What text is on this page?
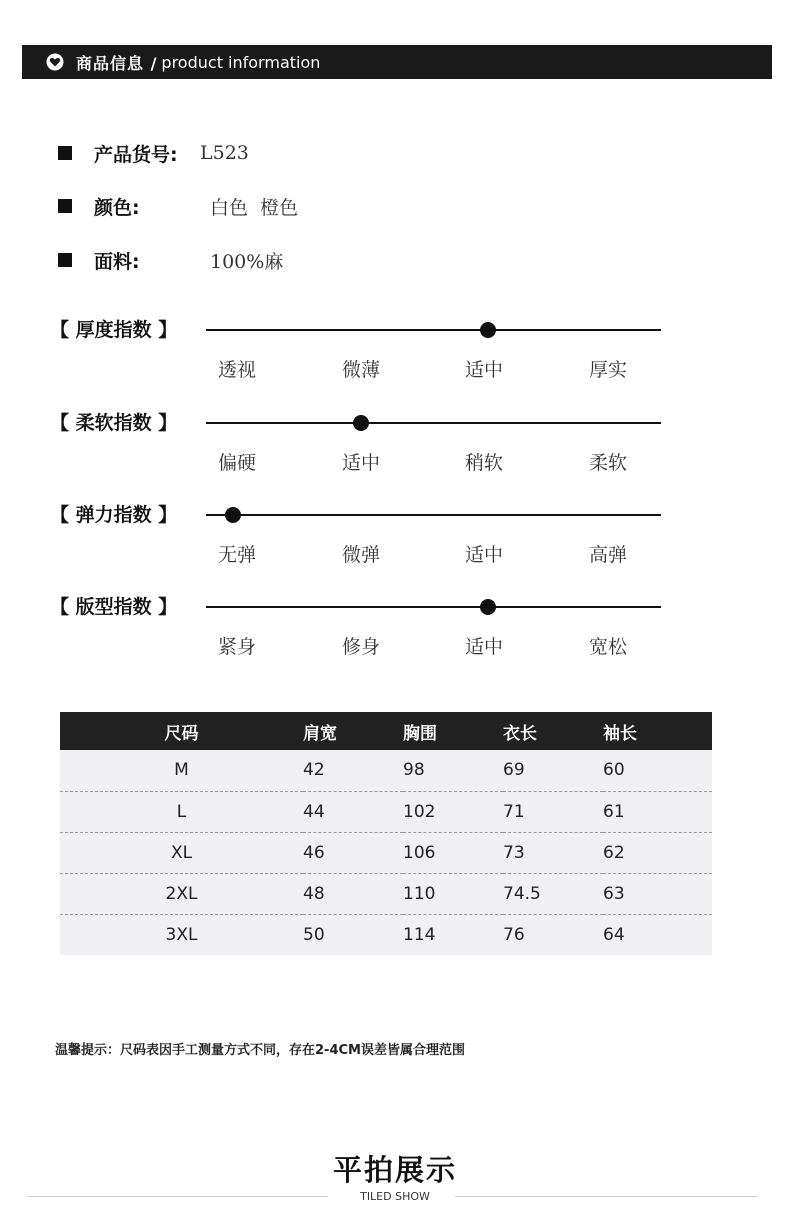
商品信息 / product information
产品货号:	L523
颜色:	白色  橙色
面料:	100%麻
【 厚度指数 】
透视	微薄	适中	厚实
【 柔软指数 】
偏硬	适中	稍软	柔软
【 弹力指数 】
无弹	微弹	适中	高弹
【 版型指数 】
紧身	修身	适中	宽松
尺码	肩宽	胸围	衣长	袖长
M	42	98	69	60
L	44	102	71	61
XL	46	106	73	62
2XL	48	110	74.5	63
3XL	50	114	76	64
温馨提示：尺码表因手工测量方式不同，存在2-4CM误差皆属合理范围
平拍展示
TILED SHOW
